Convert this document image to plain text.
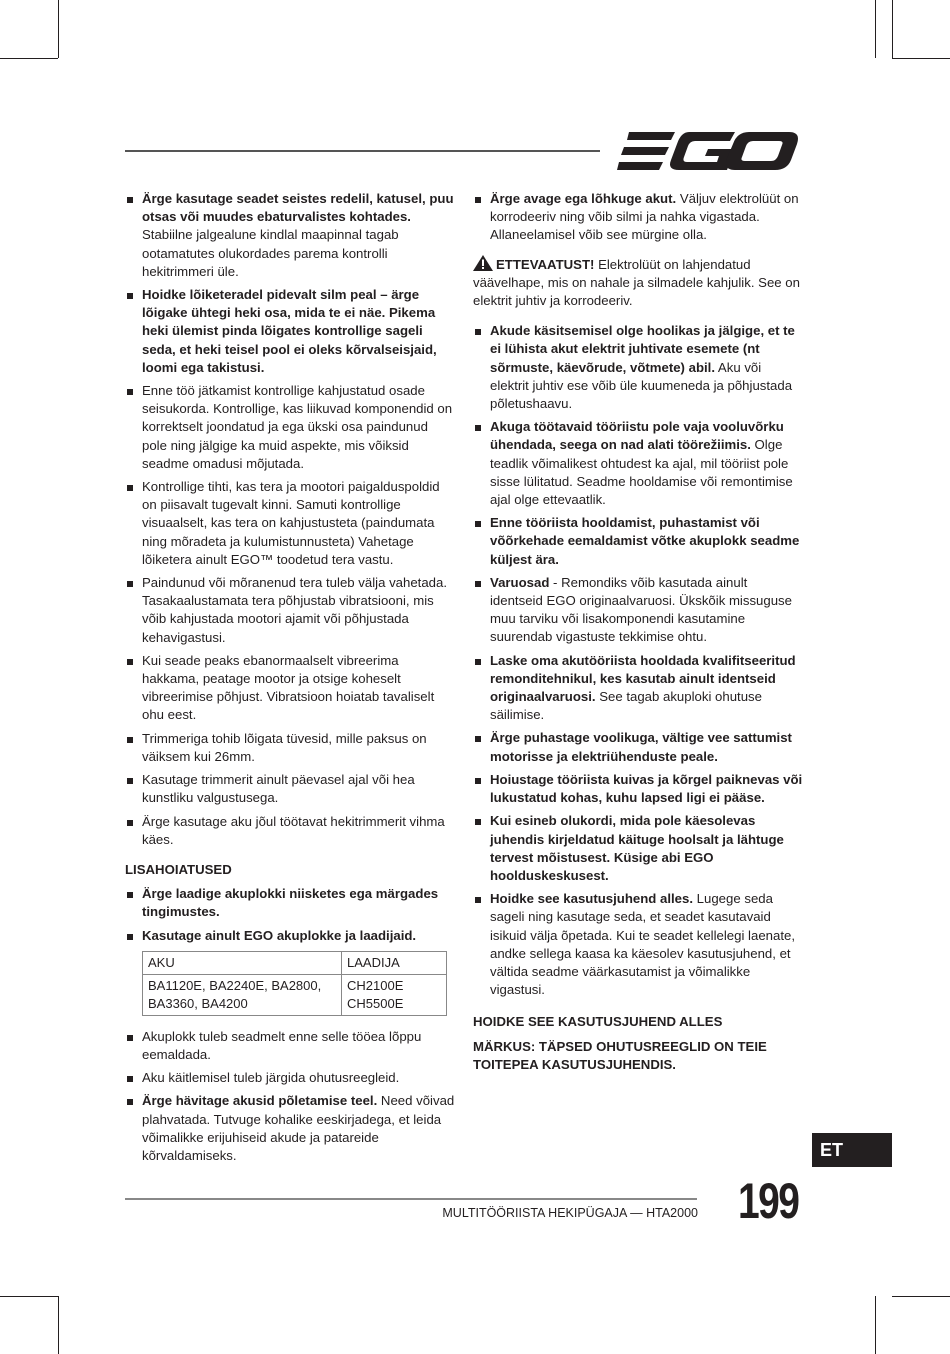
Ärge kasutage seadet seistes redelil, katusel, puu otsas või muudes ebaturvalistes kohtades. Stabiilne jalgealune kindlal maapinnal tagab ootamatutes olukordades parema kontrolli hekitrimmeri üle.
Hoidke lõiketeradel pidevalt silm peal – ärge lõigake ühtegi heki osa, mida te ei näe. Pikema heki ülemist pinda lõigates kontrollige sageli seda, et heki teisel pool ei oleks kõrvalseisjaid, loomi ega takistusi.
Enne töö jätkamist kontrollige kahjustatud osade seisukorda. Kontrollige, kas liikuvad komponendid on korrektselt joondatud ja ega ükski osa paindunud pole ning jälgige ka muid aspekte, mis võiksid seadme omadusi mõjutada.
Kontrollige tihti, kas tera ja mootori paigalduspoldid on piisavalt tugevalt kinni. Samuti kontrollige visuaalselt, kas tera on kahjustusteta (paindumata ning mõradeta ja kulumistunnusteta) Vahetage lõiketera ainult EGO™ toodetud tera vastu.
Paindunud või mõranenud tera tuleb välja vahetada. Tasakaalustamata tera põhjustab vibratsiooni, mis võib kahjustada mootori ajamit või põhjustada kehavigastusi.
Kui seade peaks ebanormaalselt vibreerima hakkama, peatage mootor ja otsige koheselt vibreerimise põhjust. Vibratsioon hoiatab tavaliselt ohu eest.
Trimmeriga tohib lõigata tüvesid, mille paksus on väiksem kui 26mm.
Kasutage trimmerit ainult päevasel ajal või hea kunstliku valgustusega.
Ärge kasutage aku jõul töötavat hekitrimmerit vihma käes.
LISAHOIATUSED
Ärge laadige akuplokki niisketes ega märgades tingimustes.
Kasutage ainult EGO akuplokke ja laadijaid.
AKU	LAADIJA
BA1120E, BA2240E, BA2800, BA3360, BA4200	CH2100E CH5500E
Akuplokk tuleb seadmelt enne selle tööea lõppu eemaldada.
Aku käitlemisel tuleb järgida ohutusreegleid.
Ärge hävitage akusid põletamise teel. Need võivad plahvatada. Tutvuge kohalike eeskirjadega, et leida võimalikke erijuhiseid akude ja patareide kõrvaldamiseks.
Ärge avage ega lõhkuge akut. Väljuv elektrolüüt on korrodeeriv ning võib silmi ja nahka vigastada. Allaneelamisel võib see mürgine olla.
ETTEVAATUST! Elektrolüüt on lahjendatud väävelhape, mis on nahale ja silmadele kahjulik. See on elektrit juhtiv ja korrodeeriv.
Akude käsitsemisel olge hoolikas ja jälgige, et te ei lühista akut elektrit juhtivate esemete (nt sõrmuste, käevõrude, võtmete) abil. Aku või elektrit juhtiv ese võib üle kuumeneda ja põhjustada põletushaavu.
Akuga töötavaid tööriistu pole vaja vooluvõrku ühendada, seega on nad alati töörežiimis. Olge teadlik võimalikest ohtudest ka ajal, mil tööriist pole sisse lülitatud. Seadme hooldamise või remontimise ajal olge ettevaatlik.
Enne tööriista hooldamist, puhastamist või võõrkehade eemaldamist võtke akuplokk seadme küljest ära.
Varuosad - Remondiks võib kasutada ainult identseid EGO originaalvaruosi. Ükskõik missuguse muu tarviku või lisakomponendi kasutamine suurendab vigastuste tekkimise ohtu.
Laske oma akutööriista hooldada kvalifitseeritud remonditehnikul, kes kasutab ainult identseid originaalvaruosi. See tagab akuploki ohutuse säilimise.
Ärge puhastage voolikuga, vältige vee sattumist motorisse ja elektriühenduste peale.
Hoiustage tööriista kuivas ja kõrgel paiknevas või lukustatud kohas, kuhu lapsed ligi ei pääse.
Kui esineb olukordi, mida pole käesolevas juhendis kirjeldatud käituge hoolsalt ja lähtuge tervest mõistusest. Küsige abi EGO hoolduskeskusest.
Hoidke see kasutusjuhend alles. Lugege seda sageli ning kasutage seda, et seadet kasutavaid isikuid välja õpetada. Kui te seadet kellelegi laenate, andke sellega kaasa ka käesolev kasutusjuhend, et vältida seadme väärkasutamist ja võimalikke vigastusi.
HOIDKE SEE KASUTUSJUHEND ALLES
MÄRKUS: TÄPSED OHUTUSREEGLID ON TEIE TOITEPEA KASUTUSJUHENDIS.
MULTITÖÖRIISTA HEKIPÜGAJA — HTA2000 199
ET
